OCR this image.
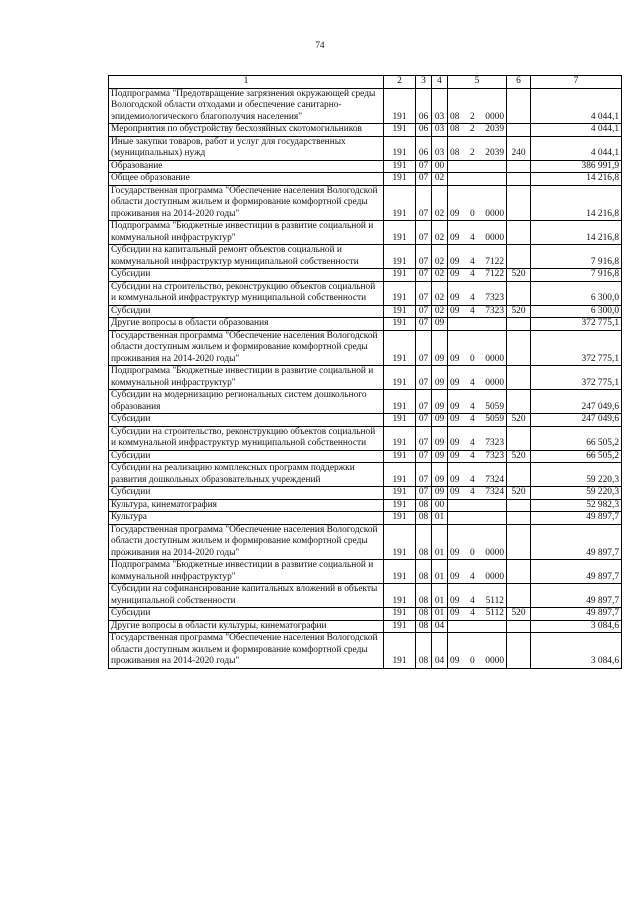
74
1	2	3	4	5	6	7
Подпрограмма "Предотвращение загрязнения окружающей среды Вологодской области отходами и обеспечение санитарно-эпидемиологического благополучия населения"	191	06	03	08 2 0000		4 044,1
Мероприятия по обустройству бесхозяйных скотомогильников	191	06	03	08 2 2039		4 044,1
Иные закупки товаров, работ и услуг для государственных (муниципальных) нужд	191	06	03	08 2 2039	240	4 044,1
Образование	191	07	00			386 991,9
Общее образование	191	07	02			14 216,8
Государственная программа "Обеспечение населения Вологодской области доступным жильем и формирование комфортной среды проживания на 2014-2020 годы"	191	07	02	09 0 0000		14 216,8
Подпрограмма "Бюджетные инвестиции в развитие социальной и коммунальной инфраструктур"	191	07	02	09 4 0000		14 216,8
Субсидии на капитальный ремонт объектов социальной и коммунальной инфраструктур муниципальной собственности	191	07	02	09 4 7122		7 916,8
Субсидии	191	07	02	09 4 7122	520	7 916,8
Субсидии на строительство, реконструкцию объектов социальной и коммунальной инфраструктур муниципальной собственности	191	07	02	09 4 7323		6 300,0
Субсидии	191	07	02	09 4 7323	520	6 300,0
Другие вопросы в области образования	191	07	09			372 775,1
Государственная программа "Обеспечение населения Вологодской области доступным жильем и формирование комфортной среды проживания на 2014-2020 годы"	191	07	09	09 0 0000		372 775,1
Подпрограмма "Бюджетные инвестиции в развитие социальной и коммунальной инфраструктур"	191	07	09	09 4 0000		372 775,1
Субсидии на модернизацию региональных систем дошкольного образования	191	07	09	09 4 5059		247 049,6
Субсидии	191	07	09	09 4 5059	520	247 049,6
Субсидии на строительство, реконструкцию объектов социальной и коммунальной инфраструктур муниципальной собственности	191	07	09	09 4 7323		66 505,2
Субсидии	191	07	09	09 4 7323	520	66 505,2
Субсидии на реализацию комплексных программ поддержки развития дошкольных образовательных учреждений	191	07	09	09 4 7324		59 220,3
Субсидии	191	07	09	09 4 7324	520	59 220,3
Культура, кинематография	191	08	00			52 982,3
Культура	191	08	01			49 897,7
Государственная программа "Обеспечение населения Вологодской области доступным жильем и формирование комфортной среды проживания на 2014-2020 годы"	191	08	01	09 0 0000		49 897,7
Подпрограмма "Бюджетные инвестиции в развитие социальной и коммунальной инфраструктур"	191	08	01	09 4 0000		49 897,7
Субсидии на софинансирование капитальных вложений в объекты муниципальной собственности	191	08	01	09 4 5112		49 897,7
Субсидии	191	08	01	09 4 5112	520	49 897,7
Другие вопросы в области культуры, кинематографии	191	08	04			3 084,6
Государственная программа "Обеспечение населения Вологодской области доступным жильем и формирование комфортной среды проживания на 2014-2020 годы"	191	08	04	09 0 0000		3 084,6
